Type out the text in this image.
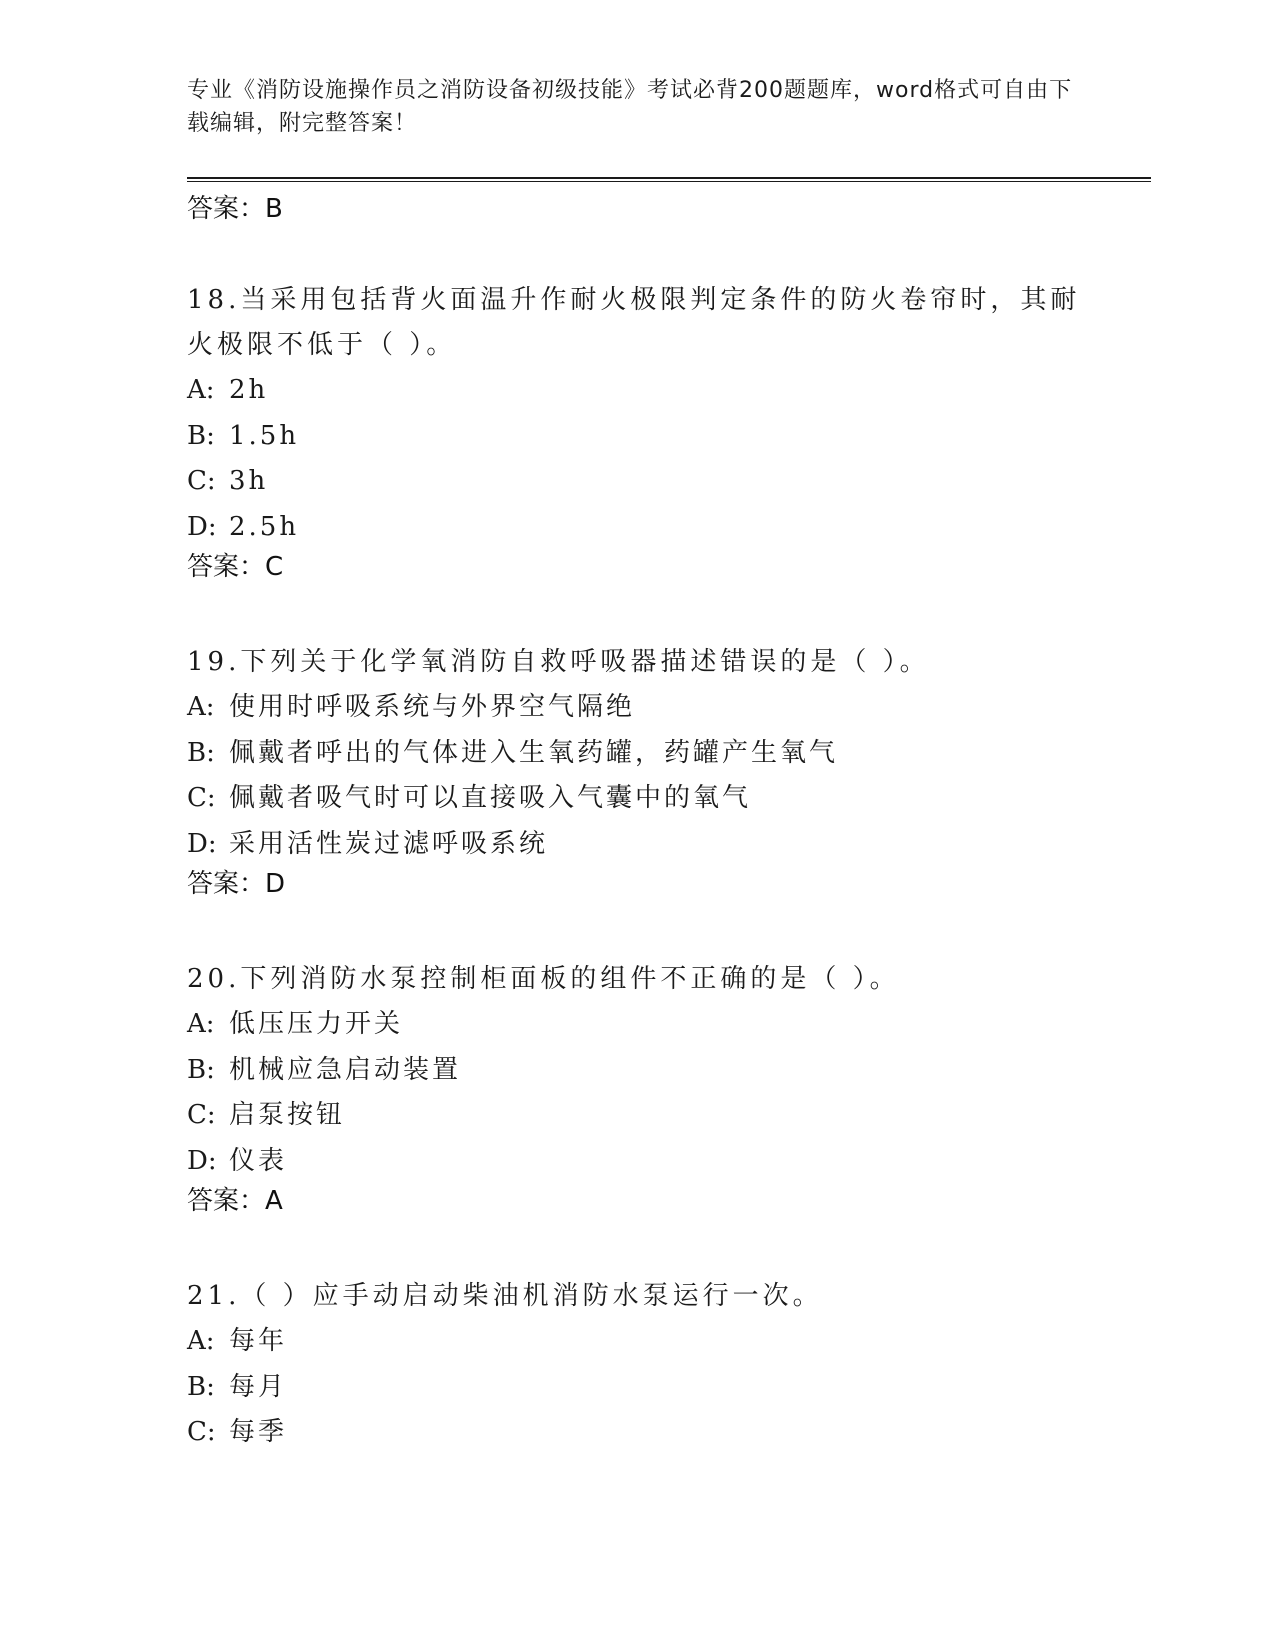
专业《消防设施操作员之消防设备初级技能》考试必背200题题库，word格式可自由下载编辑，附完整答案！
答案：B

18.当采用包括背火面温升作耐火极限判定条件的防火卷帘时，其耐火极限不低于（ ）。

A: 2h
B: 1.5h
C: 3h
D: 2.5h
答案：C

19.下列关于化学氧消防自救呼吸器描述错误的是（ ）。

A: 使用时呼吸系统与外界空气隔绝
B: 佩戴者呼出的气体进入生氧药罐，药罐产生氧气
C: 佩戴者吸气时可以直接吸入气囊中的氧气
D: 采用活性炭过滤呼吸系统
答案：D

20.下列消防水泵控制柜面板的组件不正确的是（ ）。

A: 低压压力开关
B: 机械应急启动装置
C: 启泵按钮
D: 仪表
答案：A

21.（ ）应手动启动柴油机消防水泵运行一次。

A: 每年
B: 每月
C: 每季
